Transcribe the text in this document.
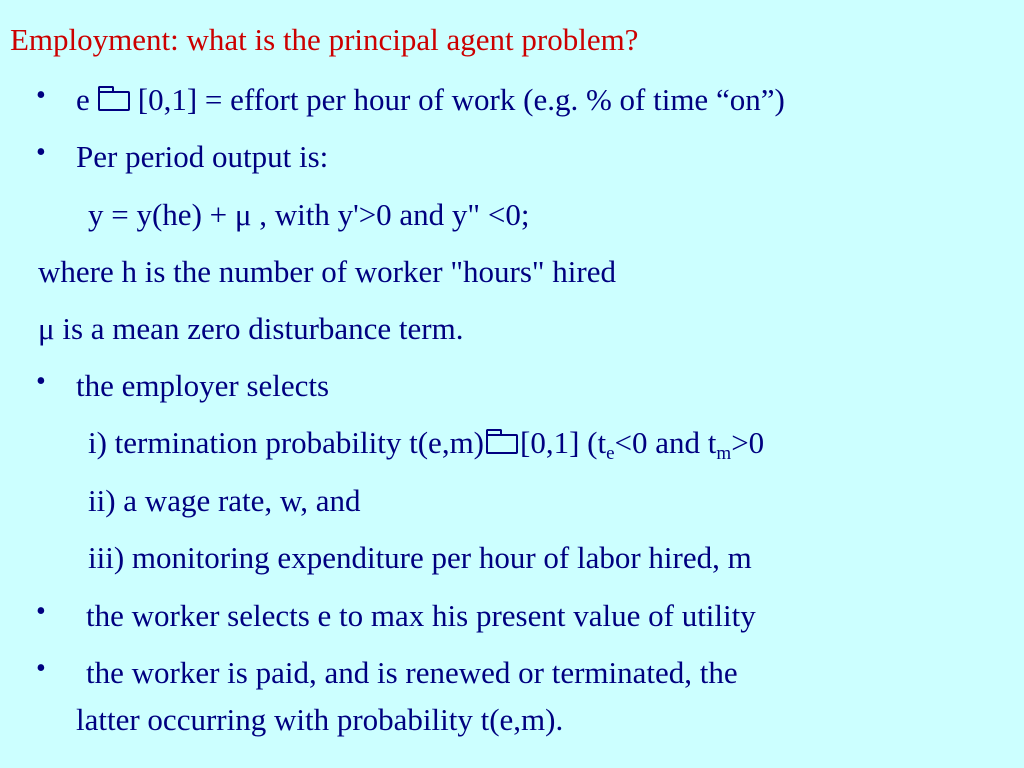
Employment: what is the principal agent problem?
• e [0,1] = effort per hour of work (e.g. % of time “on”)
• Per period output is:
y = y(he) + μ , with y'>0 and y" <0;
where h is the number of worker "hours" hired
μ is a mean zero disturbance term.
• the employer selects
i) termination probability t(e,m) [0,1] ($t_e<0$ and $t_m>0$
ii) a wage rate, w, and
iii) monitoring expenditure per hour of labor hired, m
• the worker selects e to max his present value of utility
• the worker is paid, and is renewed or terminated, the
latter occurring with probability t(e,m).
